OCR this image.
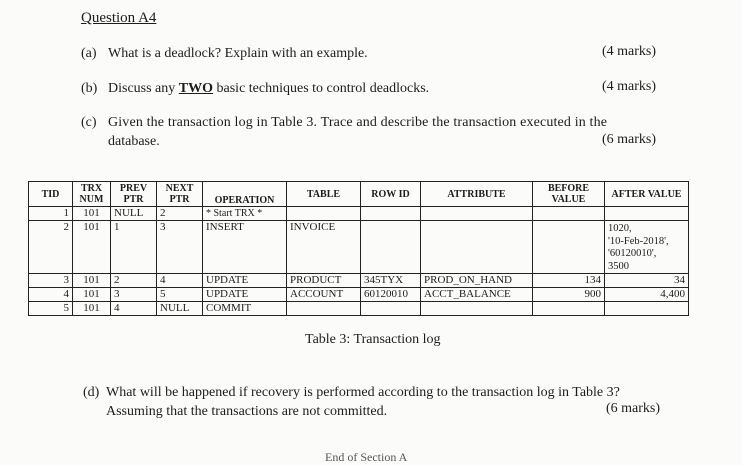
Question A4
(a) What is a deadlock? Explain with an example.	(4 marks)
(b) Discuss any TWO basic techniques to control deadlocks.	(4 marks)
(c) Given the transaction log in Table 3. Trace and describe the transaction executed in the
database.	(6 marks)
TID	TRX NUM	PREV PTR	NEXT PTR	OPERATION	TABLE	ROW ID	ATTRIBUTE	BEFORE VALUE	AFTER VALUE
1	101	NULL	2	* Start TRX *					
2	101	1	3	INSERT	INVOICE				1020,
'10-Feb-2018',
'60120010',
3500

3	101	2	4	UPDATE	PRODUCT	345TYX	PROD_ON_HAND	134	34
4	101	3	5	UPDATE	ACCOUNT	60120010	ACCT_BALANCE	900	4,400
5	101	4	NULL	COMMIT					
Table 3: Transaction log
(d) What will be happened if recovery is performed according to the transaction log in Table 3?
Assuming that the transactions are not committed.	(6 marks)
End of Section A
